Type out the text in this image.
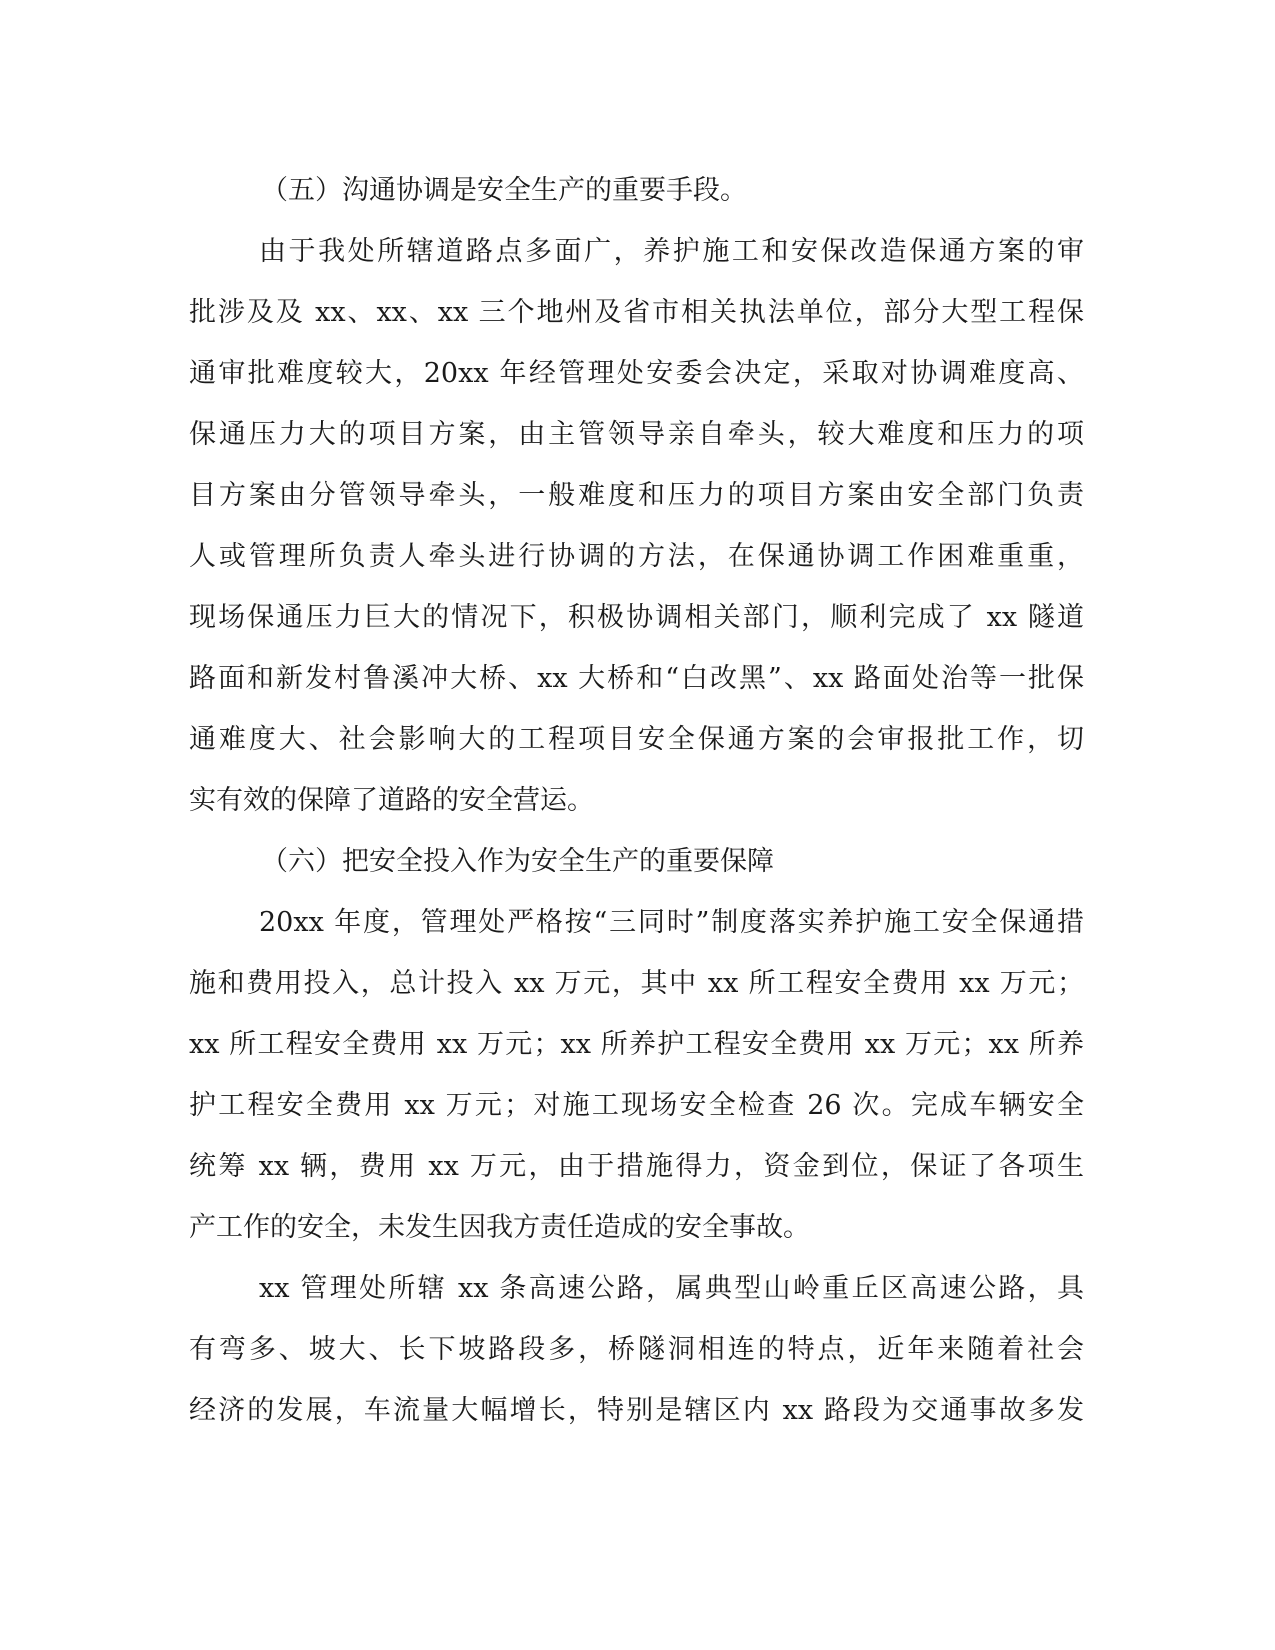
（五）沟通协调是安全生产的重要手段。
由于我处所辖道路点多面广，养护施工和安保改造保通方案的审
批涉及及 xx、xx、xx 三个地州及省市相关执法单位，部分大型工程保
通审批难度较大，20xx 年经管理处安委会决定，采取对协调难度高、
保通压力大的项目方案，由主管领导亲自牵头，较大难度和压力的项
目方案由分管领导牵头，一般难度和压力的项目方案由安全部门负责
人或管理所负责人牵头进行协调的方法，在保通协调工作困难重重，
现场保通压力巨大的情况下，积极协调相关部门，顺利完成了 xx 隧道
路面和新发村鲁溪冲大桥、xx 大桥和“白改黑”、xx 路面处治等一批保
通难度大、社会影响大的工程项目安全保通方案的会审报批工作，切
实有效的保障了道路的安全营运。
（六）把安全投入作为安全生产的重要保障
20xx 年度，管理处严格按“三同时”制度落实养护施工安全保通措
施和费用投入，总计投入 xx 万元，其中 xx 所工程安全费用 xx 万元；
xx 所工程安全费用 xx 万元；xx 所养护工程安全费用 xx 万元；xx 所养
护工程安全费用 xx 万元；对施工现场安全检查 26 次。完成车辆安全
统筹 xx 辆，费用 xx 万元，由于措施得力，资金到位，保证了各项生
产工作的安全，未发生因我方责任造成的安全事故。
xx 管理处所辖 xx 条高速公路，属典型山岭重丘区高速公路，具
有弯多、坡大、长下坡路段多，桥隧洞相连的特点，近年来随着社会
经济的发展，车流量大幅增长，特别是辖区内 xx 路段为交通事故多发
